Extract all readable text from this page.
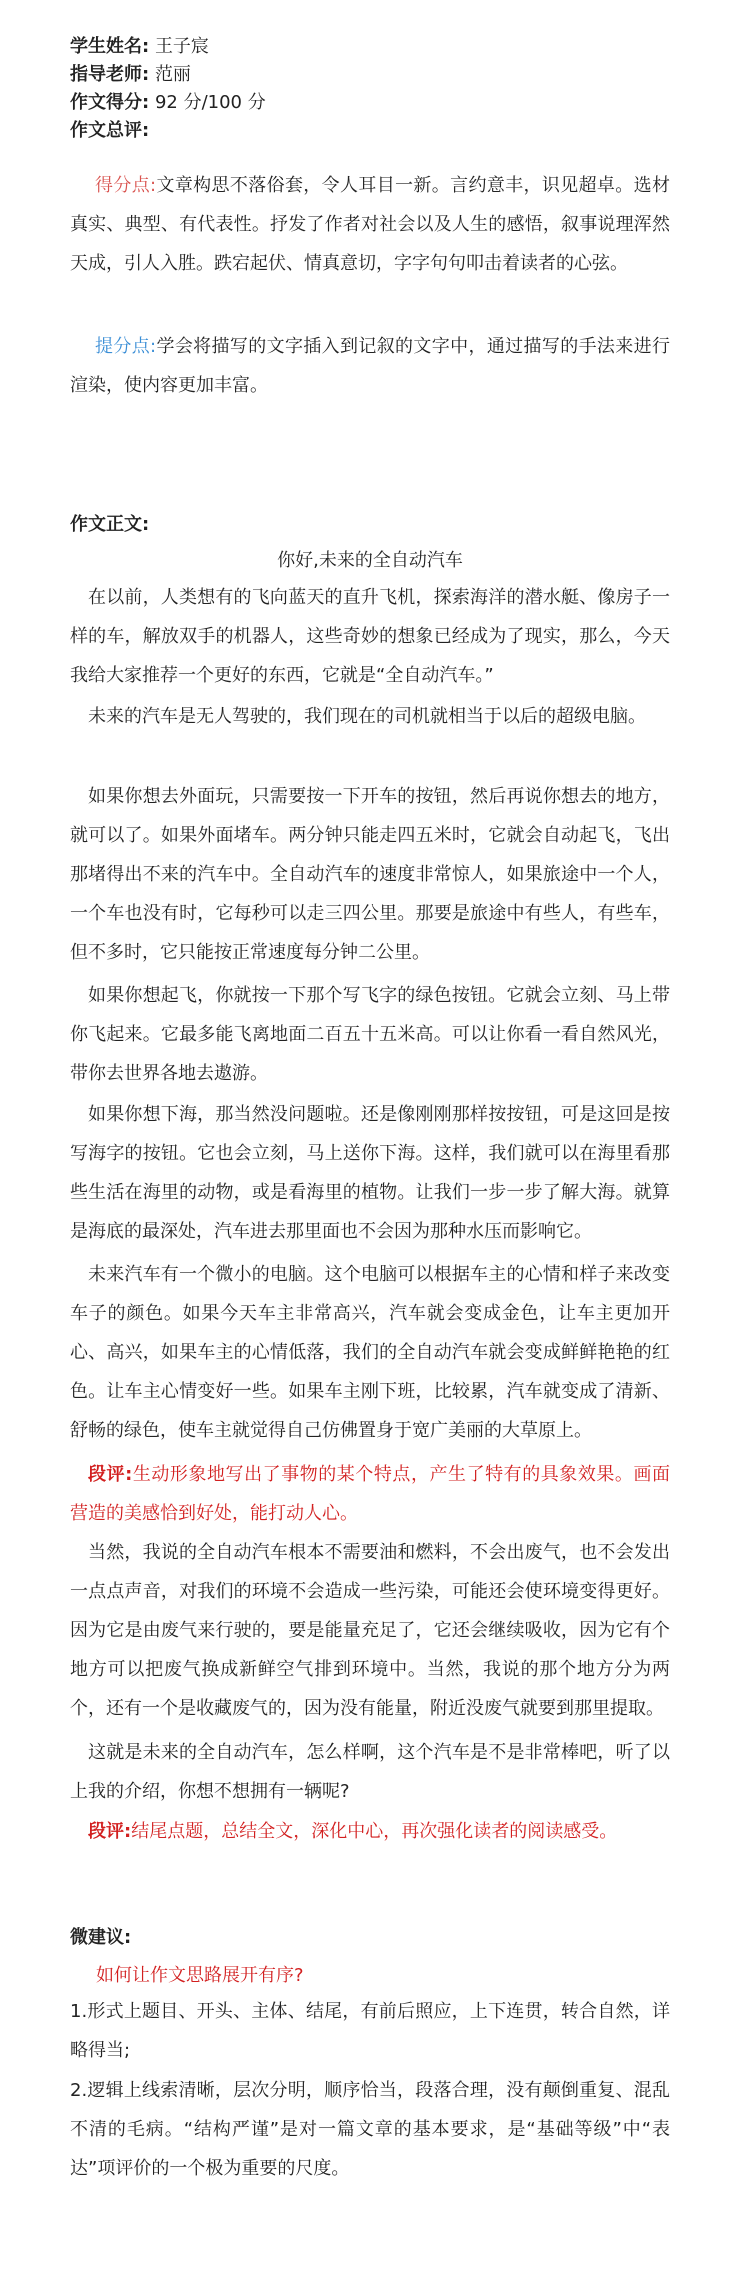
学生姓名: 王子宸
指导老师: 范丽
作文得分: 92 分/100 分
作文总评:
得分点:文章构思不落俗套，令人耳目一新。言约意丰，识见超卓。选材真实、典型、有代表性。抒发了作者对社会以及人生的感悟，叙事说理浑然天成，引人入胜。跌宕起伏、情真意切，字字句句叩击着读者的心弦。
提分点:学会将描写的文字插入到记叙的文字中，通过描写的手法来进行渲染，使内容更加丰富。
作文正文:
你好,未来的全自动汽车
在以前，人类想有的飞向蓝天的直升飞机，探索海洋的潜水艇、像房子一样的车，解放双手的机器人，这些奇妙的想象已经成为了现实，那么，今天我给大家推荐一个更好的东西，它就是“全自动汽车。”
未来的汽车是无人驾驶的，我们现在的司机就相当于以后的超级电脑。
如果你想去外面玩，只需要按一下开车的按钮，然后再说你想去的地方，就可以了。如果外面堵车。两分钟只能走四五米时，它就会自动起飞，飞出那堵得出不来的汽车中。全自动汽车的速度非常惊人，如果旅途中一个人，一个车也没有时，它每秒可以走三四公里。那要是旅途中有些人，有些车，但不多时，它只能按正常速度每分钟二公里。
如果你想起飞，你就按一下那个写飞字的绿色按钮。它就会立刻、马上带你飞起来。它最多能飞离地面二百五十五米高。可以让你看一看自然风光，带你去世界各地去遨游。
如果你想下海，那当然没问题啦。还是像刚刚那样按按钮，可是这回是按写海字的按钮。它也会立刻，马上送你下海。这样，我们就可以在海里看那些生活在海里的动物，或是看海里的植物。让我们一步一步了解大海。就算是海底的最深处，汽车进去那里面也不会因为那种水压而影响它。
未来汽车有一个微小的电脑。这个电脑可以根据车主的心情和样子来改变车子的颜色。如果今天车主非常高兴，汽车就会变成金色，让车主更加开心、高兴，如果车主的心情低落，我们的全自动汽车就会变成鲜鲜艳艳的红色。让车主心情变好一些。如果车主刚下班，比较累，汽车就变成了清新、舒畅的绿色，使车主就觉得自己仿佛置身于宽广美丽的大草原上。
段评:生动形象地写出了事物的某个特点，产生了特有的具象效果。画面营造的美感恰到好处，能打动人心。
当然，我说的全自动汽车根本不需要油和燃料，不会出废气，也不会发出一点点声音，对我们的环境不会造成一些污染，可能还会使环境变得更好。因为它是由废气来行驶的，要是能量充足了，它还会继续吸收，因为它有个地方可以把废气换成新鲜空气排到环境中。当然，我说的那个地方分为两个，还有一个是收藏废气的，因为没有能量，附近没废气就要到那里提取。
这就是未来的全自动汽车，怎么样啊，这个汽车是不是非常棒吧，听了以上我的介绍，你想不想拥有一辆呢?
段评:结尾点题，总结全文，深化中心，再次强化读者的阅读感受。
微建议:
如何让作文思路展开有序?
1.形式上题目、开头、主体、结尾，有前后照应，上下连贯，转合自然，详略得当;
2.逻辑上线索清晰，层次分明，顺序恰当，段落合理，没有颠倒重复、混乱不清的毛病。“结构严谨”是对一篇文章的基本要求，是“基础等级”中“表达”项评价的一个极为重要的尺度。
